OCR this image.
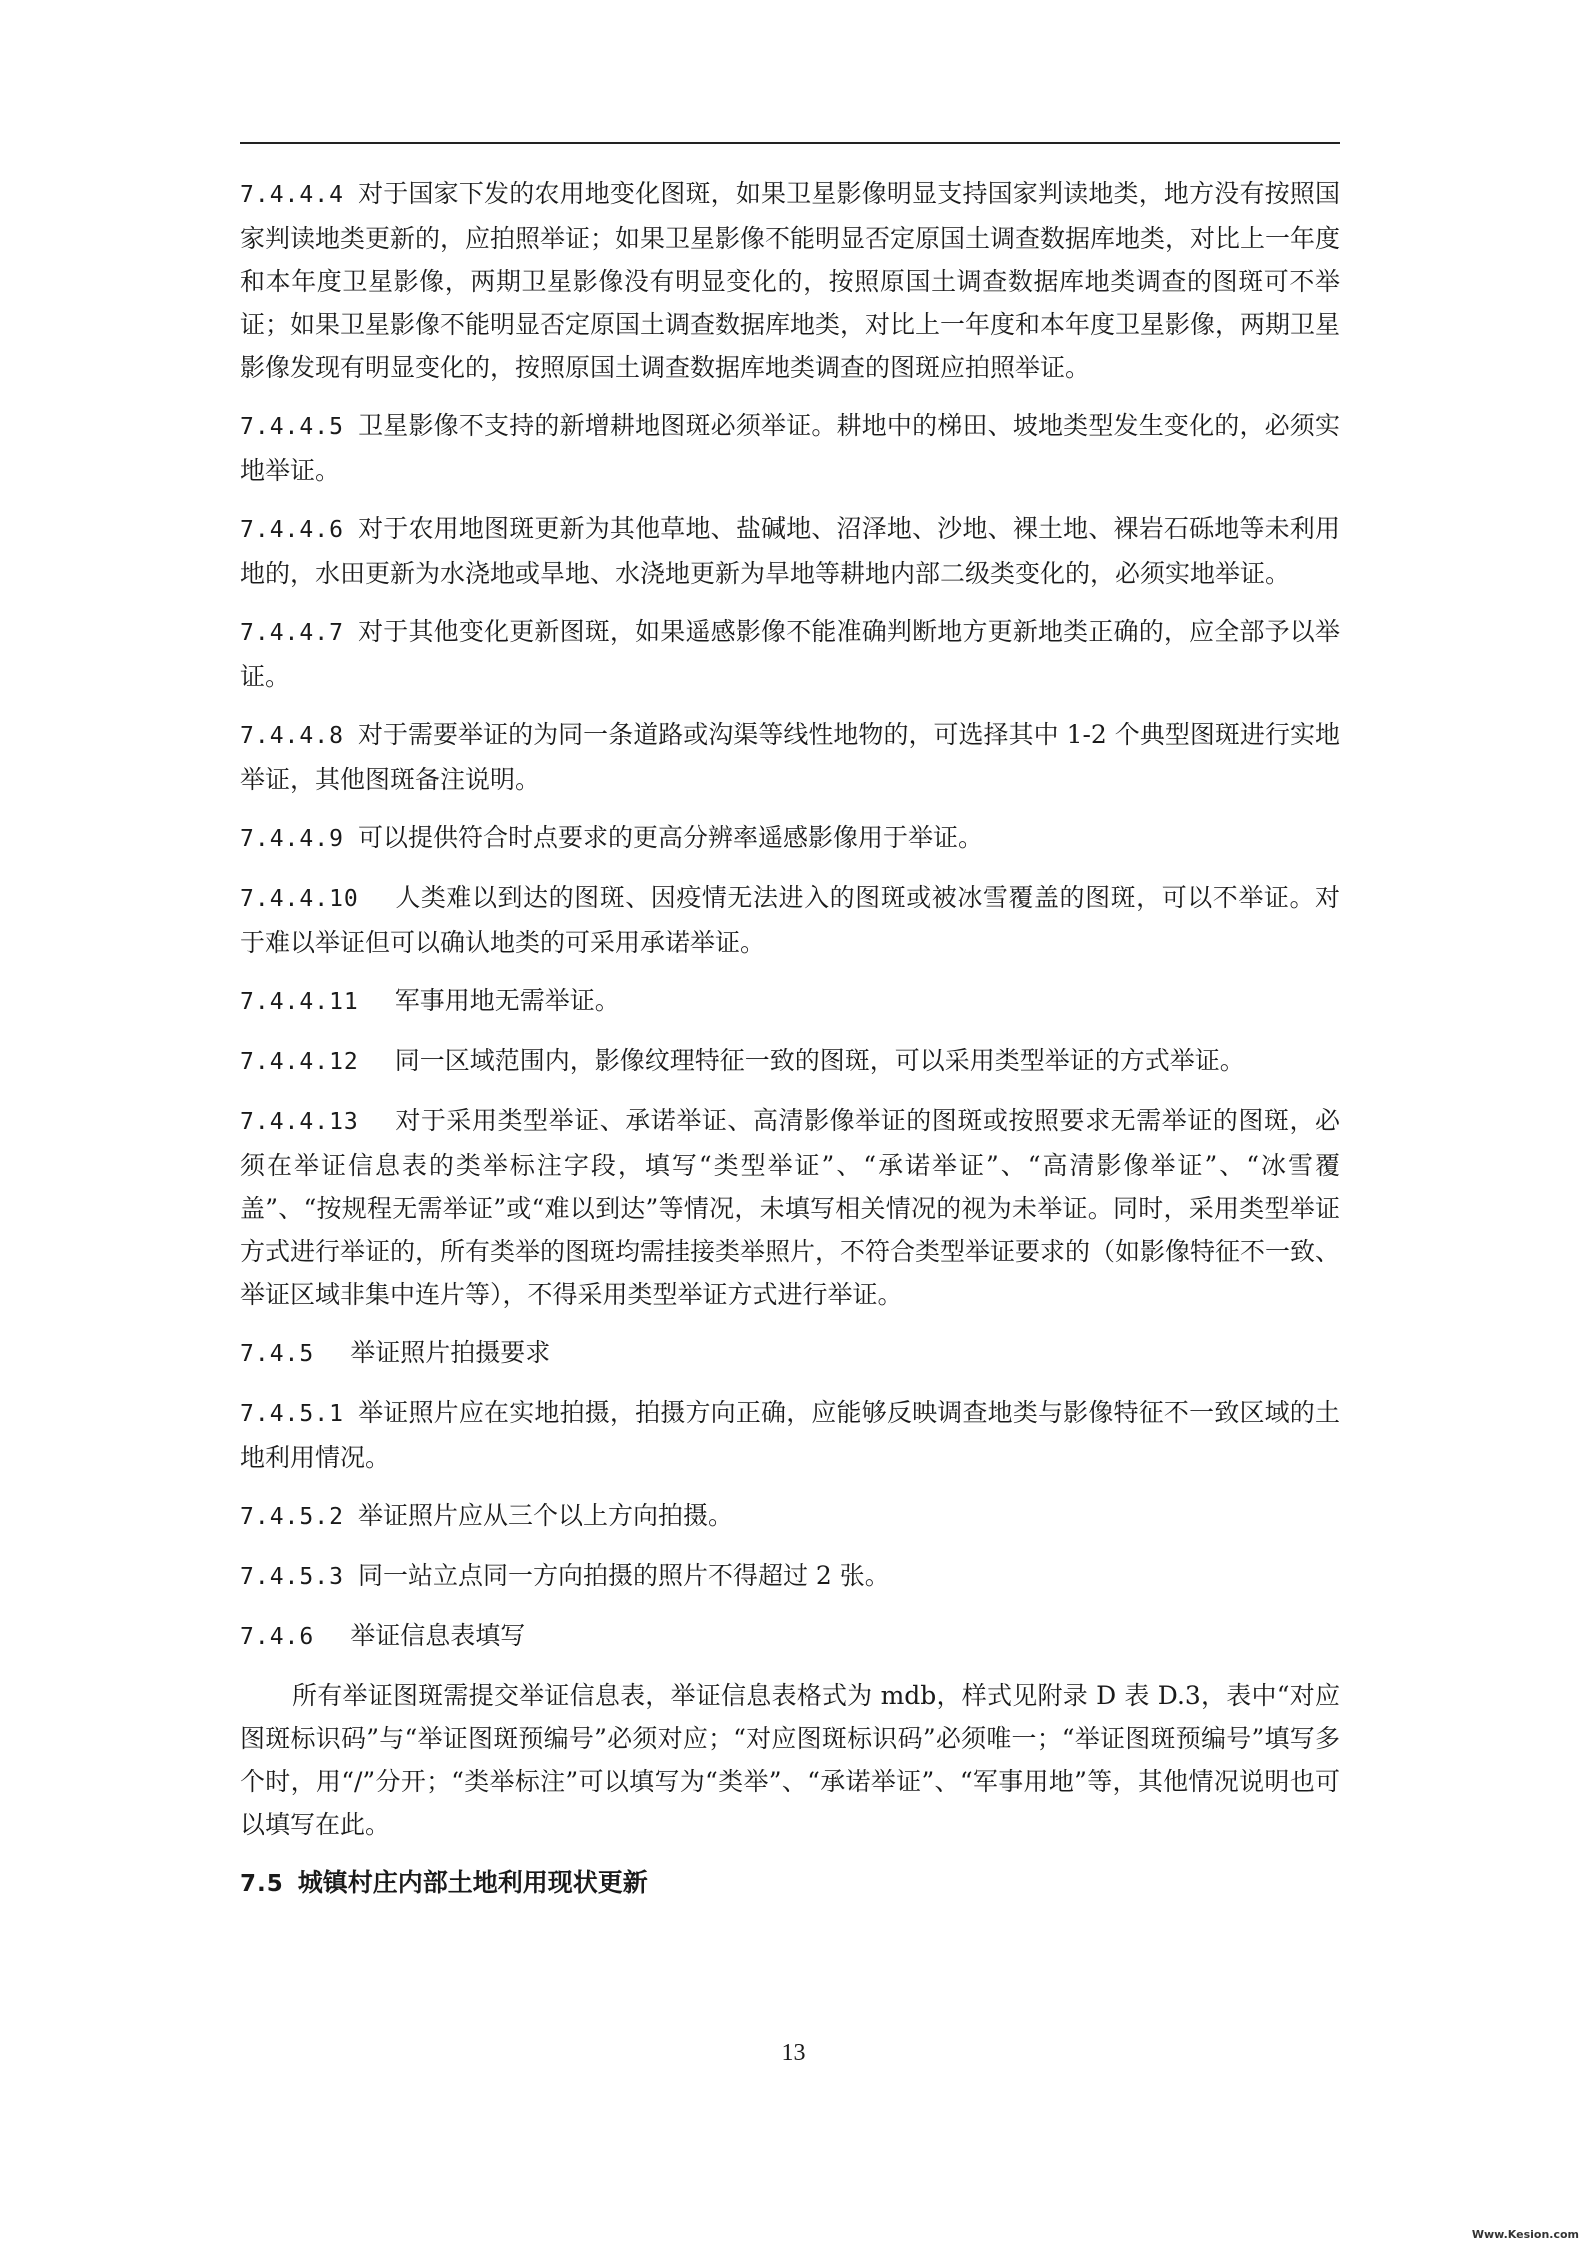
7.4.4.4 对于国家下发的农用地变化图斑，如果卫星影像明显支持国家判读地类，地方没有按照国家判读地类更新的，应拍照举证；如果卫星影像不能明显否定原国土调查数据库地类，对比上一年度和本年度卫星影像，两期卫星影像没有明显变化的，按照原国土调查数据库地类调查的图斑可不举证；如果卫星影像不能明显否定原国土调查数据库地类，对比上一年度和本年度卫星影像，两期卫星影像发现有明显变化的，按照原国土调查数据库地类调查的图斑应拍照举证。

7.4.4.5 卫星影像不支持的新增耕地图斑必须举证。耕地中的梯田、坡地类型发生变化的，必须实地举证。

7.4.4.6 对于农用地图斑更新为其他草地、盐碱地、沼泽地、沙地、裸土地、裸岩石砾地等未利用地的，水田更新为水浇地或旱地、水浇地更新为旱地等耕地内部二级类变化的，必须实地举证。

7.4.4.7 对于其他变化更新图斑，如果遥感影像不能准确判断地方更新地类正确的，应全部予以举证。

7.4.4.8 对于需要举证的为同一条道路或沟渠等线性地物的，可选择其中 1-2 个典型图斑进行实地举证，其他图斑备注说明。

7.4.4.9 可以提供符合时点要求的更高分辨率遥感影像用于举证。

7.4.4.10 人类难以到达的图斑、因疫情无法进入的图斑或被冰雪覆盖的图斑，可以不举证。对于难以举证但可以确认地类的可采用承诺举证。

7.4.4.11 军事用地无需举证。

7.4.4.12 同一区域范围内，影像纹理特征一致的图斑，可以采用类型举证的方式举证。

7.4.4.13 对于采用类型举证、承诺举证、高清影像举证的图斑或按照要求无需举证的图斑，必须在举证信息表的类举标注字段，填写“类型举证”、“承诺举证”、“高清影像举证”、“冰雪覆盖”、“按规程无需举证”或“难以到达”等情况，未填写相关情况的视为未举证。同时，采用类型举证方式进行举证的，所有类举的图斑均需挂接类举照片，不符合类型举证要求的（如影像特征不一致、举证区域非集中连片等），不得采用类型举证方式进行举证。

7.4.5 举证照片拍摄要求

7.4.5.1 举证照片应在实地拍摄，拍摄方向正确，应能够反映调查地类与影像特征不一致区域的土地利用情况。

7.4.5.2 举证照片应从三个以上方向拍摄。

7.4.5.3 同一站立点同一方向拍摄的照片不得超过 2 张。

7.4.6 举证信息表填写

所有举证图斑需提交举证信息表，举证信息表格式为 mdb，样式见附录 D 表 D.3，表中“对应图斑标识码”与“举证图斑预编号”必须对应；“对应图斑标识码”必须唯一；“举证图斑预编号”填写多个时，用“/”分开；“类举标注”可以填写为“类举”、“承诺举证”、“军事用地”等，其他情况说明也可以填写在此。

7.5 城镇村庄内部土地利用现状更新

13
Www.Kesion.com
